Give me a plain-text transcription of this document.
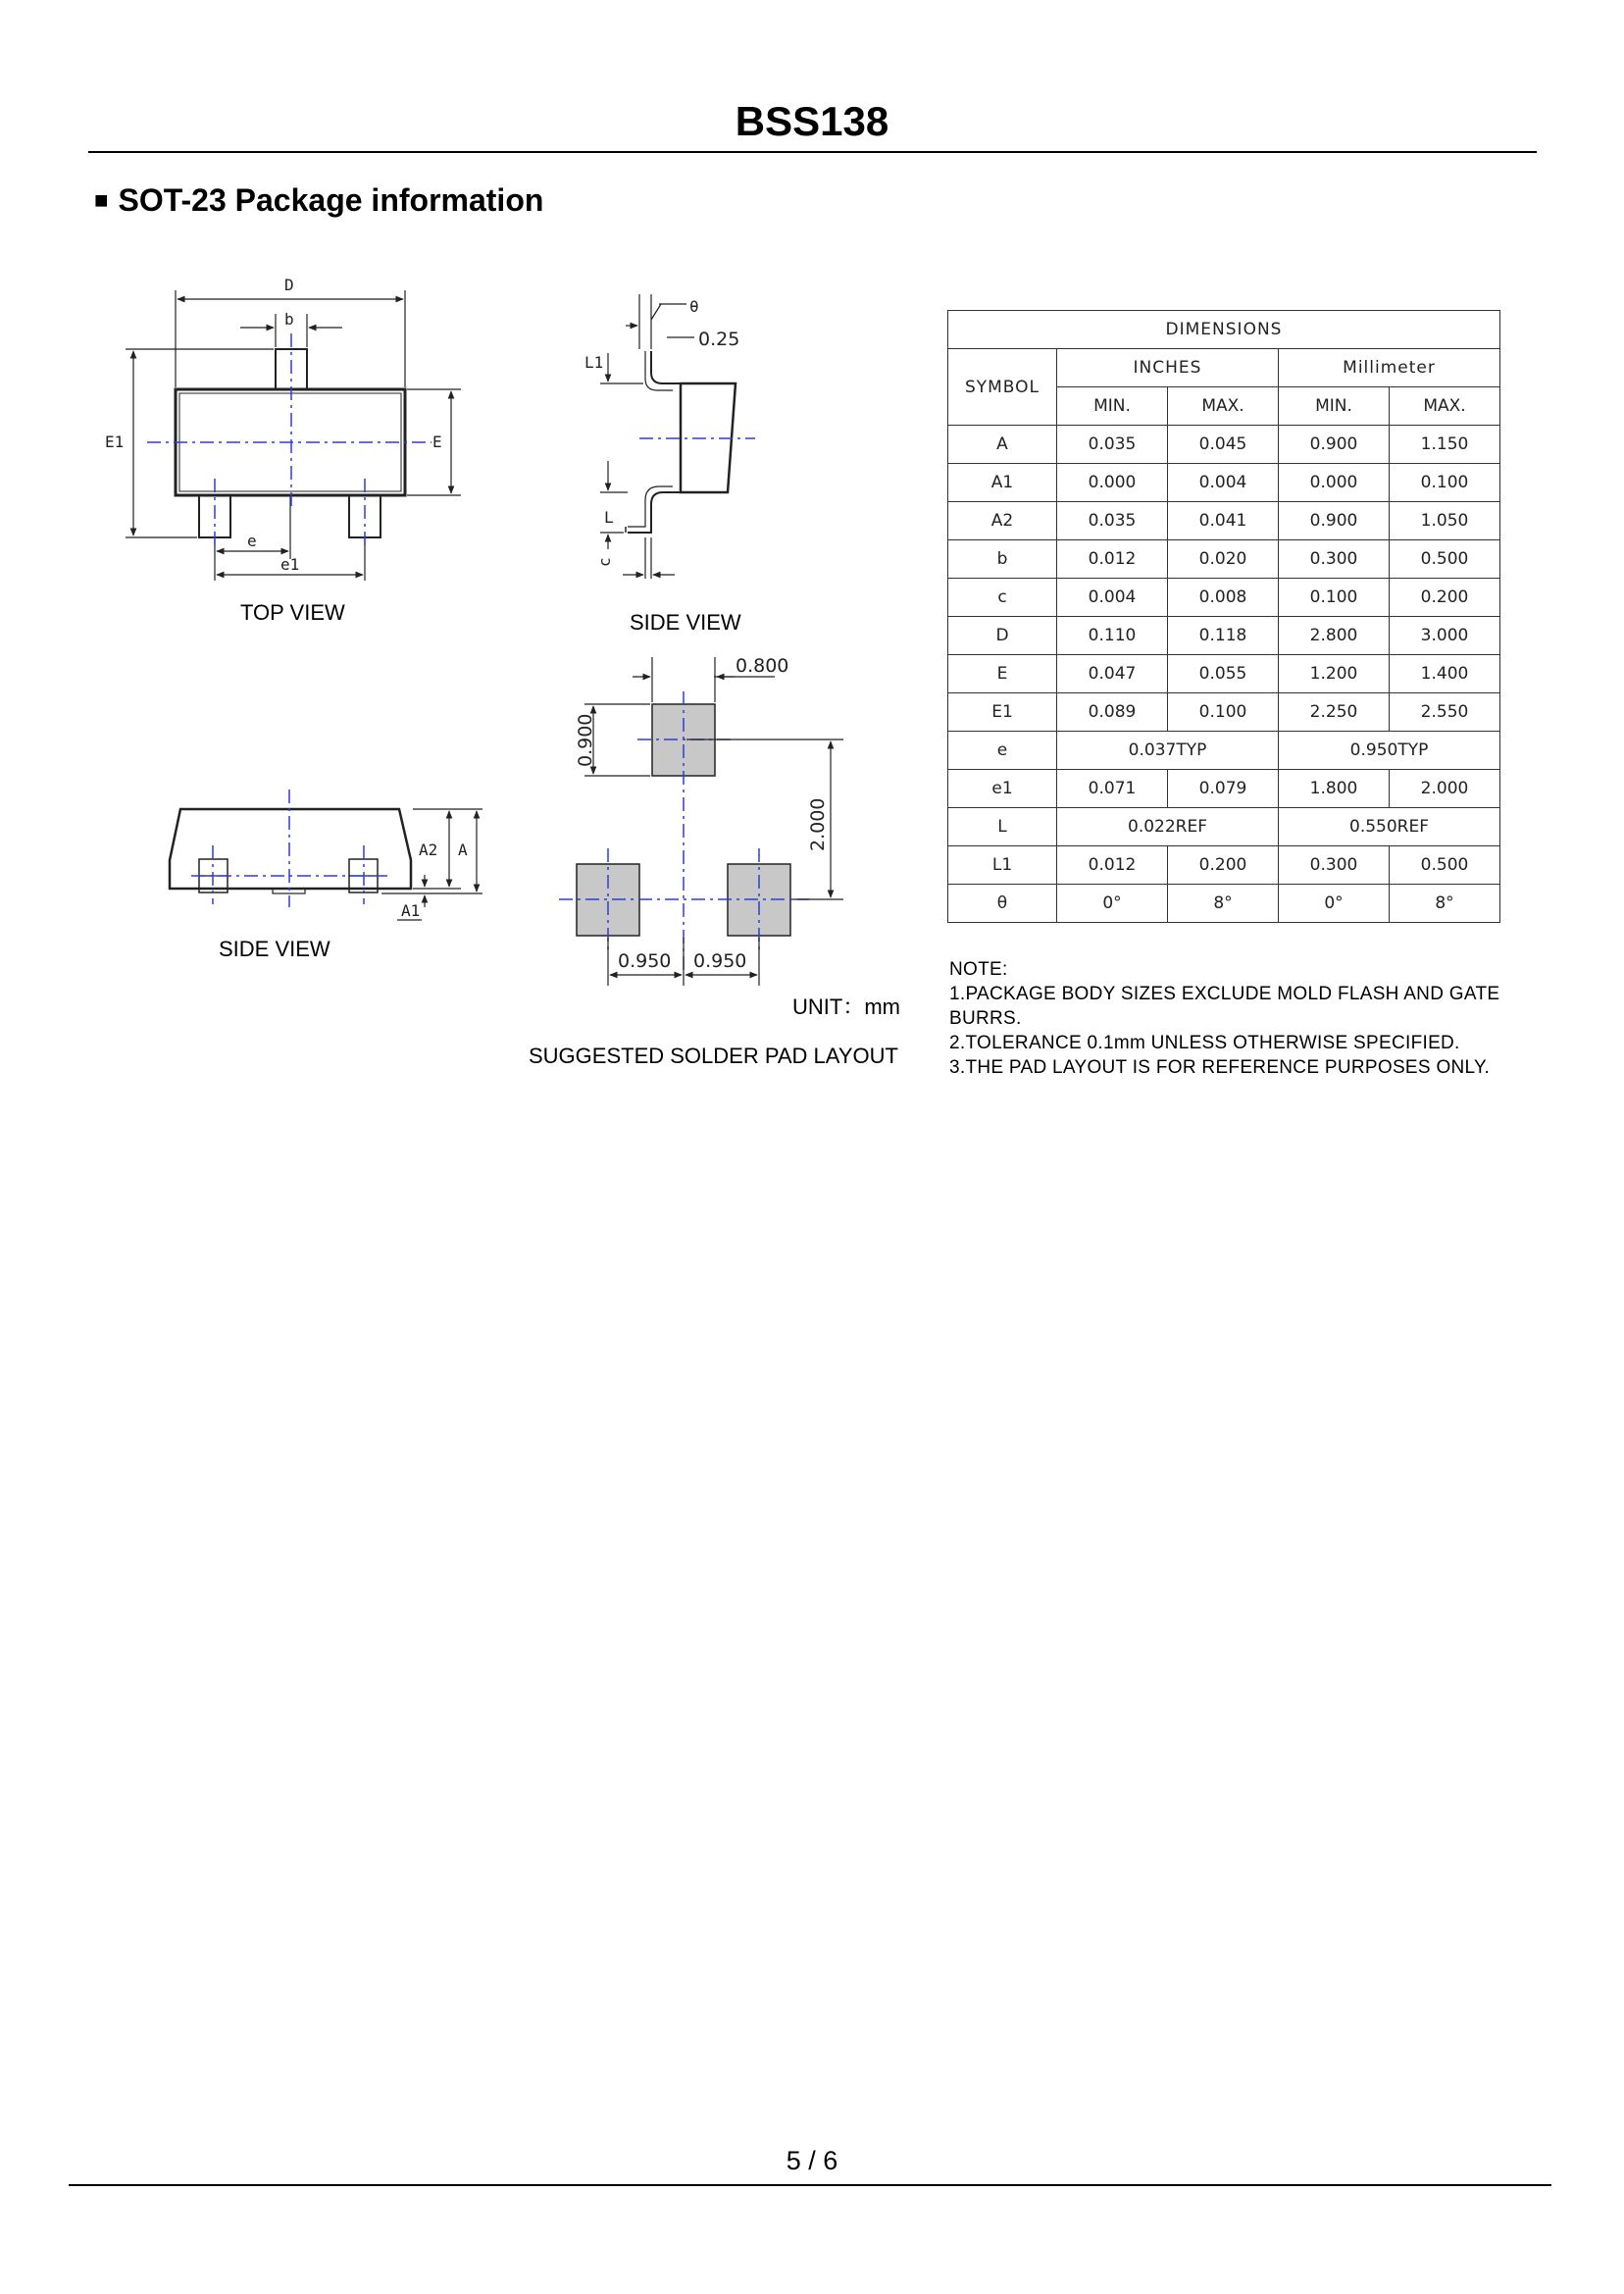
BSS138
■ SOT-23 Package information
D
b
E1	E
e
e1
A2 A
A1
θ
0.25
L1
L
c
0.800
0.900
2.000
0.950 0.950
TOP VIEW
SIDE VIEW
SIDE VIEW
UNIT：mm
SUGGESTED SOLDER PAD LAYOUT
DIMENSIONS				
SYMBOL	INCHES		Millimeter	
	MIN.	MAX.	MIN.	MAX.
A	0.035	0.045	0.900	1.150
A1	0.000	0.004	0.000	0.100
A2	0.035	0.041	0.900	1.050
b	0.012	0.020	0.300	0.500
c	0.004	0.008	0.100	0.200
D	0.110	0.118	2.800	3.000
E	0.047	0.055	1.200	1.400
E1	0.089	0.100	2.250	2.550
e	0.037TYP		0.950TYP	
e1	0.071	0.079	1.800	2.000
L	0.022REF		0.550REF	
L1	0.012	0.200	0.300	0.500
θ	0°	8°	0°	8°
NOTE:
1.PACKAGE BODY SIZES EXCLUDE MOLD FLASH AND GATE
BURRS.
2.TOLERANCE 0.1mm UNLESS OTHERWISE SPECIFIED.
3.THE PAD LAYOUT IS FOR REFERENCE PURPOSES ONLY.
5 / 6
